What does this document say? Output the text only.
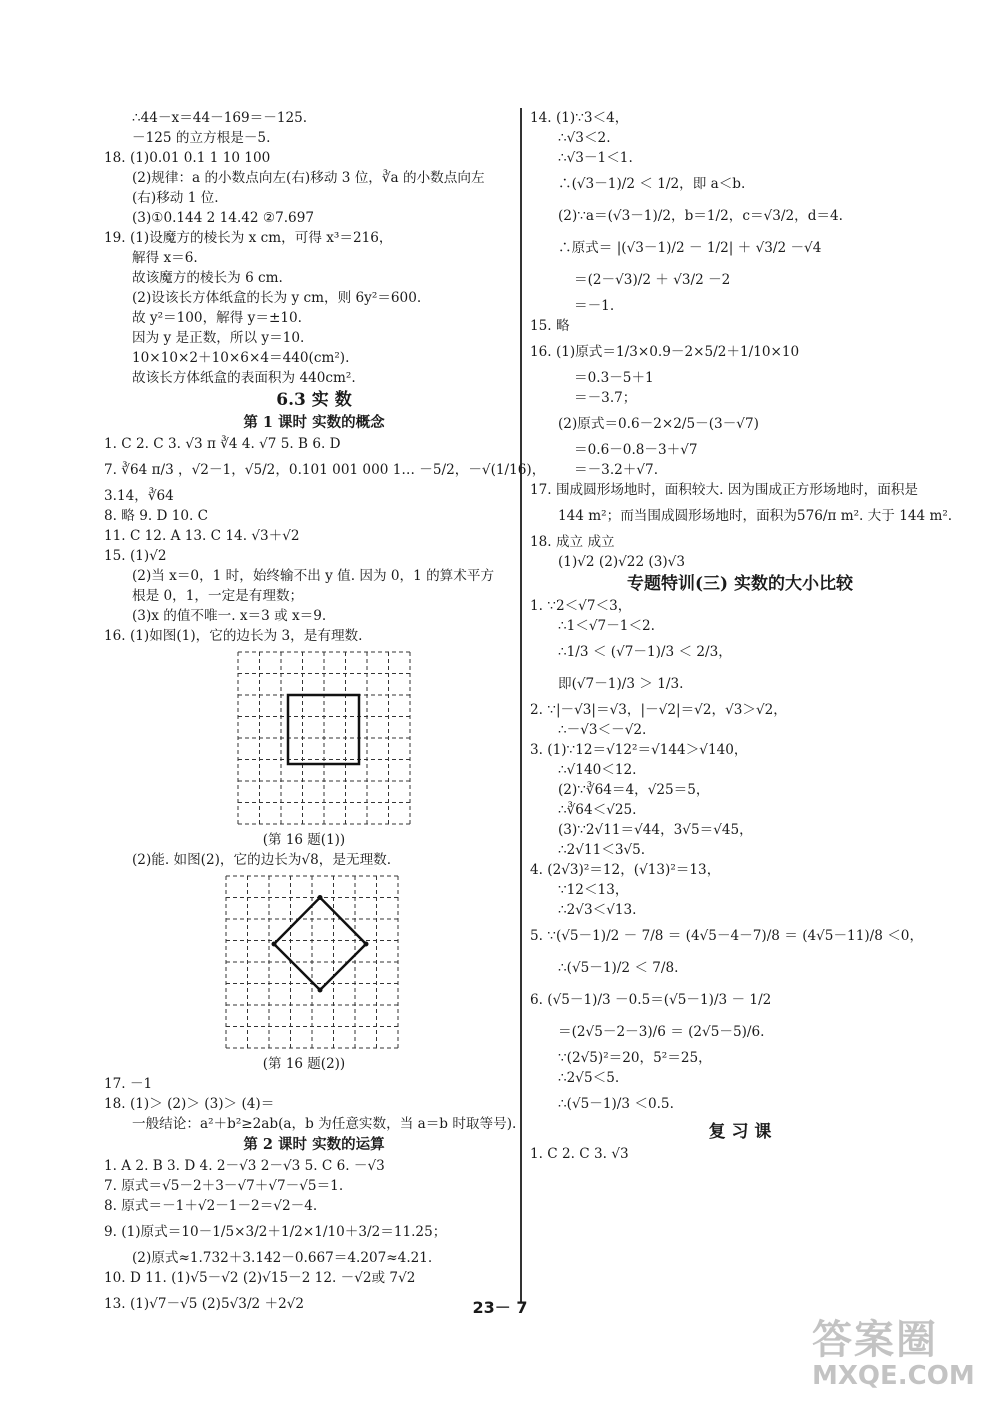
∴44－x＝44－169＝－125.
－125 的立方根是－5.
18. (1)0.01 0.1 1 10 100
(2)规律：a 的小数点向左(右)移动 3 位，∛a 的小数点向左
(右)移动 1 位.
(3)①0.144 2 14.42 ②7.697
19. (1)设魔方的棱长为 x cm，可得 x³＝216，
解得 x＝6.
故该魔方的棱长为 6 cm.
(2)设该长方体纸盒的长为 y cm，则 6y²＝600.
故 y²＝100，解得 y＝±10.
因为 y 是正数，所以 y＝10.
10×10×2＋10×6×4＝440(cm²).
故该长方体纸盒的表面积为 440cm².
6.3 实 数
第 1 课时 实数的概念
1. C 2. C 3. √3 π ∛4 4. √7 5. B 6. D
7. ∛64 π/3 ，√2－1，√5/2，0.101 001 000 1… －5/2，－√(1/16)，
3.14，∛64
8. 略 9. D 10. C
11. C 12. A 13. C 14. √3＋√2
15. (1)√2
(2)当 x＝0，1 时，始终输不出 y 值. 因为 0，1 的算术平方
根是 0，1，一定是有理数；
(3)x 的值不唯一. x＝3 或 x＝9.
16. (1)如图(1)，它的边长为 3，是有理数.
(第 16 题(1))
(2)能. 如图(2)，它的边长为√8，是无理数.
(第 16 题(2))
17. －1
18. (1)＞ (2)＞ (3)＞ (4)＝
一般结论：a²＋b²≥2ab(a，b 为任意实数，当 a＝b 时取等号).
第 2 课时 实数的运算
1. A 2. B 3. D 4. 2－√3 2－√3 5. C 6. －√3
7. 原式＝√5－2＋3－√7＋√7－√5＝1.
8. 原式＝－1＋√2－1－2＝√2－4.
9. (1)原式＝10－1/5×3/2＋1/2×1/10＋3/2＝11.25；
(2)原式≈1.732＋3.142－0.667＝4.207≈4.21.
10. D 11. (1)√5－√2 (2)√15－2 12. －√2或 7√2
13. (1)√7－√5 (2)5√3/2 ＋2√2
14. (1)∵3＜4，
∴√3＜2.
∴√3－1＜1.
∴(√3－1)/2 ＜ 1/2，即 a＜b.
(2)∵a＝(√3－1)/2，b＝1/2，c＝√3/2，d＝4.
∴原式＝ |(√3－1)/2 － 1/2| ＋ √3/2 －√4
＝(2－√3)/2 ＋ √3/2 －2
＝－1.
15. 略
16. (1)原式＝1/3×0.9－2×5/2＋1/10×10
＝0.3－5＋1
＝－3.7；
(2)原式＝0.6－2×2/5－(3－√7)
＝0.6－0.8－3＋√7
＝－3.2＋√7.
17. 围成圆形场地时，面积较大. 因为围成正方形场地时，面积是
144 m²；而当围成圆形场地时，面积为576/π m². 大于 144 m².
18. 成立 成立
(1)√2 (2)√22 (3)√3
专题特训(三) 实数的大小比较
1. ∵2＜√7＜3，
∴1＜√7－1＜2.
∴1/3 ＜ (√7－1)/3 ＜ 2/3，
即(√7－1)/3 ＞ 1/3.
2. ∵|－√3|＝√3，|－√2|＝√2，√3＞√2，
∴－√3＜－√2.
3. (1)∵12＝√12²＝√144＞√140，
∴√140＜12.
(2)∵∛64＝4，√25＝5，
∴∛64＜√25.
(3)∵2√11＝√44，3√5＝√45，
∴2√11＜3√5.
4. (2√3)²＝12，(√13)²＝13，
∵12＜13，
∴2√3＜√13.
5. ∵(√5－1)/2 － 7/8 ＝ (4√5－4－7)/8 ＝ (4√5－11)/8 ＜0，
∴(√5－1)/2 ＜ 7/8.
6. (√5－1)/3 －0.5＝(√5－1)/3 － 1/2
＝(2√5－2－3)/6 ＝ (2√5－5)/6.
∵(2√5)²＝20，5²＝25，
∴2√5＜5.
∴(√5－1)/3 ＜0.5.
复 习 课
1. C 2. C 3. √3
23－ 7
答案圈
MXQE.COM
